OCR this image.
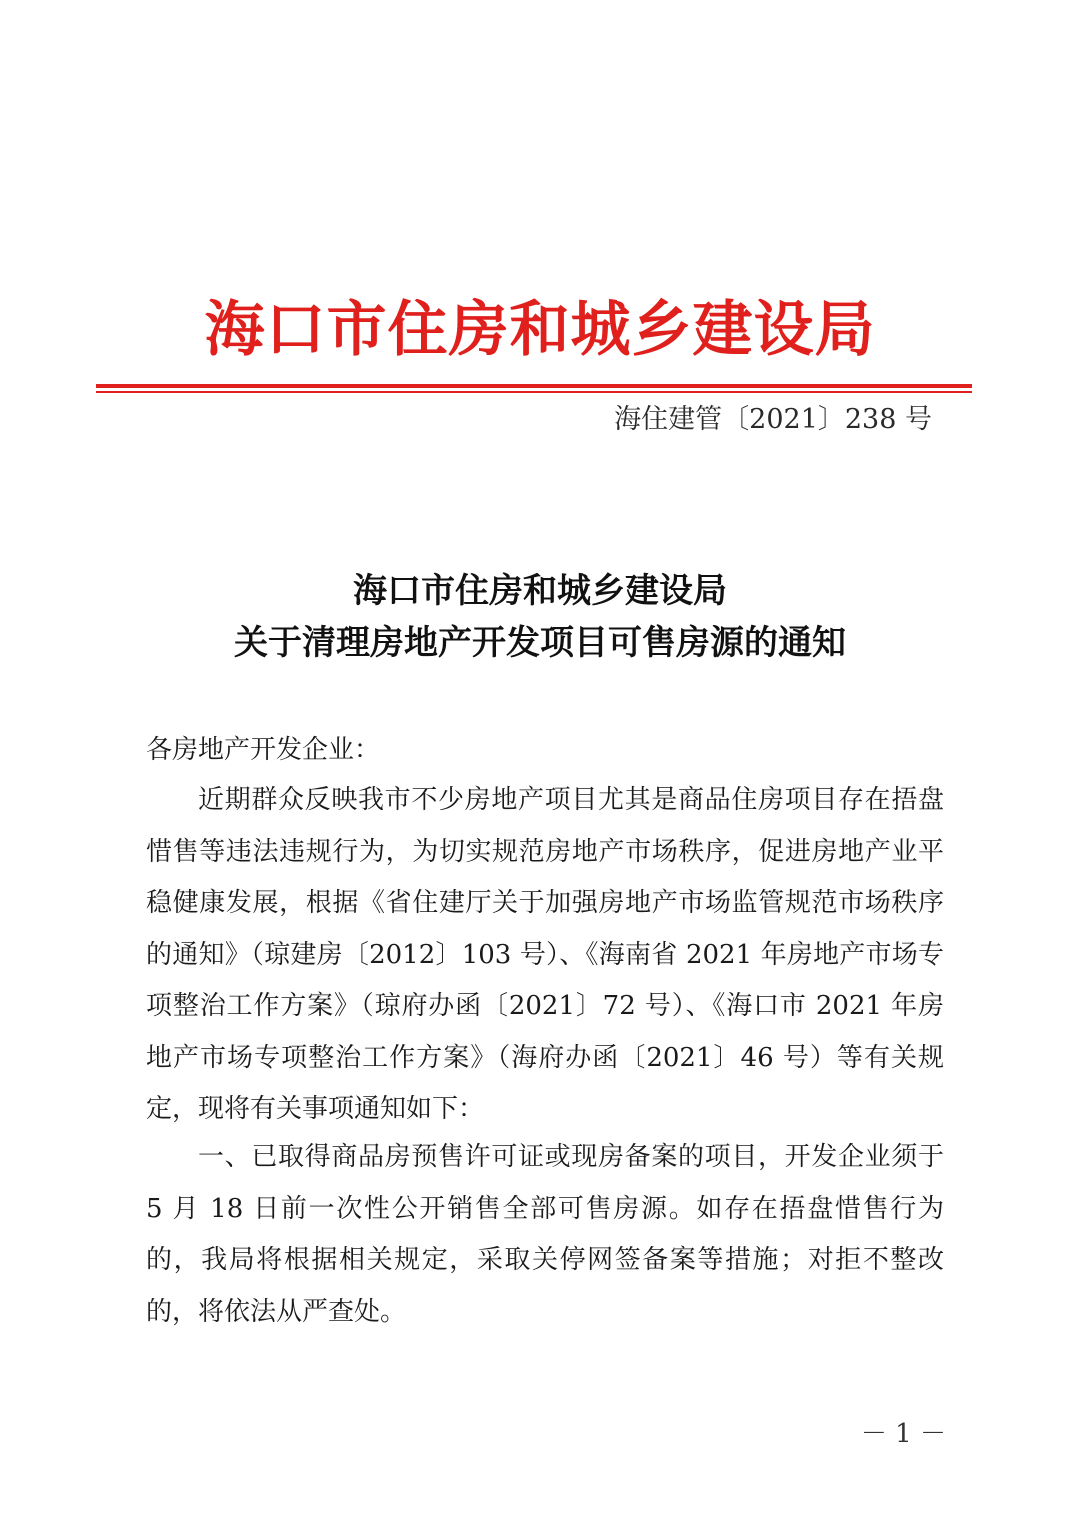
海口市住房和城乡建设局
海住建管〔2021〕238 号
海口市住房和城乡建设局
关于清理房地产开发项目可售房源的通知
各房地产开发企业：
近期群众反映我市不少房地产项目尤其是商品住房项目存在捂盘惜售等违法违规行为，为切实规范房地产市场秩序，促进房地产业平稳健康发展，根据《省住建厅关于加强房地产市场监管规范市场秩序的通知》（琼建房〔2012〕103 号）、《海南省 2021 年房地产市场专项整治工作方案》（琼府办函〔2021〕72 号）、《海口市 2021 年房地产市场专项整治工作方案》（海府办函〔2021〕46 号）等有关规定，现将有关事项通知如下：
一、已取得商品房预售许可证或现房备案的项目，开发企业须于 5 月 18 日前一次性公开销售全部可售房源。如存在捂盘惜售行为的，我局将根据相关规定，采取关停网签备案等措施；对拒不整改的，将依法从严查处。
－ 1 －
